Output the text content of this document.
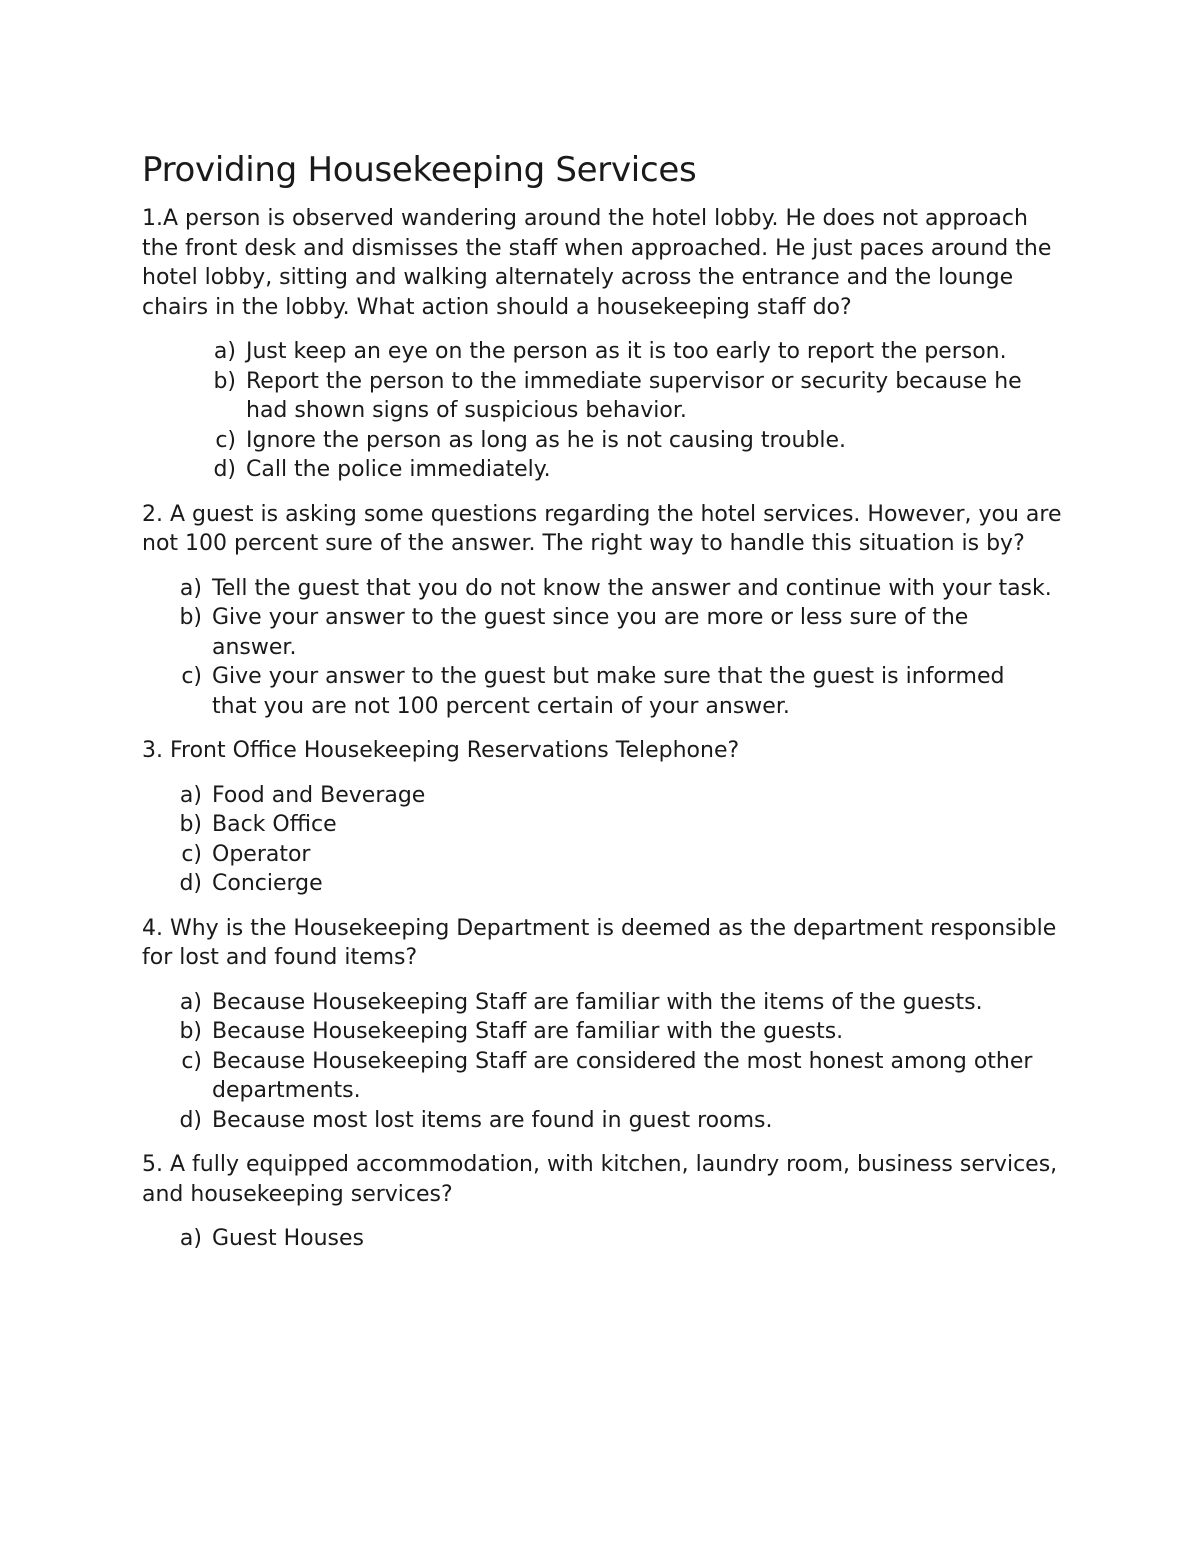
Providing Housekeeping Services

1.A person is observed wandering around the hotel lobby. He does not approach the front desk and dismisses the staff when approached. He just paces around the hotel lobby, sitting and walking alternately across the entrance and the lounge chairs in the lobby. What action should a housekeeping staff do?

a) Just keep an eye on the person as it is too early to report the person.
b) Report the person to the immediate supervisor or security because he had shown signs of suspicious behavior.
c) Ignore the person as long as he is not causing trouble.
d) Call the police immediately.

2. A guest is asking some questions regarding the hotel services. However, you are not 100 percent sure of the answer. The right way to handle this situation is by?

a) Tell the guest that you do not know the answer and continue with your task.
b) Give your answer to the guest since you are more or less sure of the answer.
c) Give your answer to the guest but make sure that the guest is informed that you are not 100 percent certain of your answer.

3. Front Office Housekeeping Reservations Telephone?

a) Food and Beverage
b) Back Office
c) Operator
d) Concierge

4. Why is the Housekeeping Department is deemed as the department responsible for lost and found items?

a) Because Housekeeping Staff are familiar with the items of the guests.
b) Because Housekeeping Staff are familiar with the guests.
c) Because Housekeeping Staff are considered the most honest among other departments.
d) Because most lost items are found in guest rooms.

5. A fully equipped accommodation, with kitchen, laundry room, business services, and housekeeping services?

a) Guest Houses
